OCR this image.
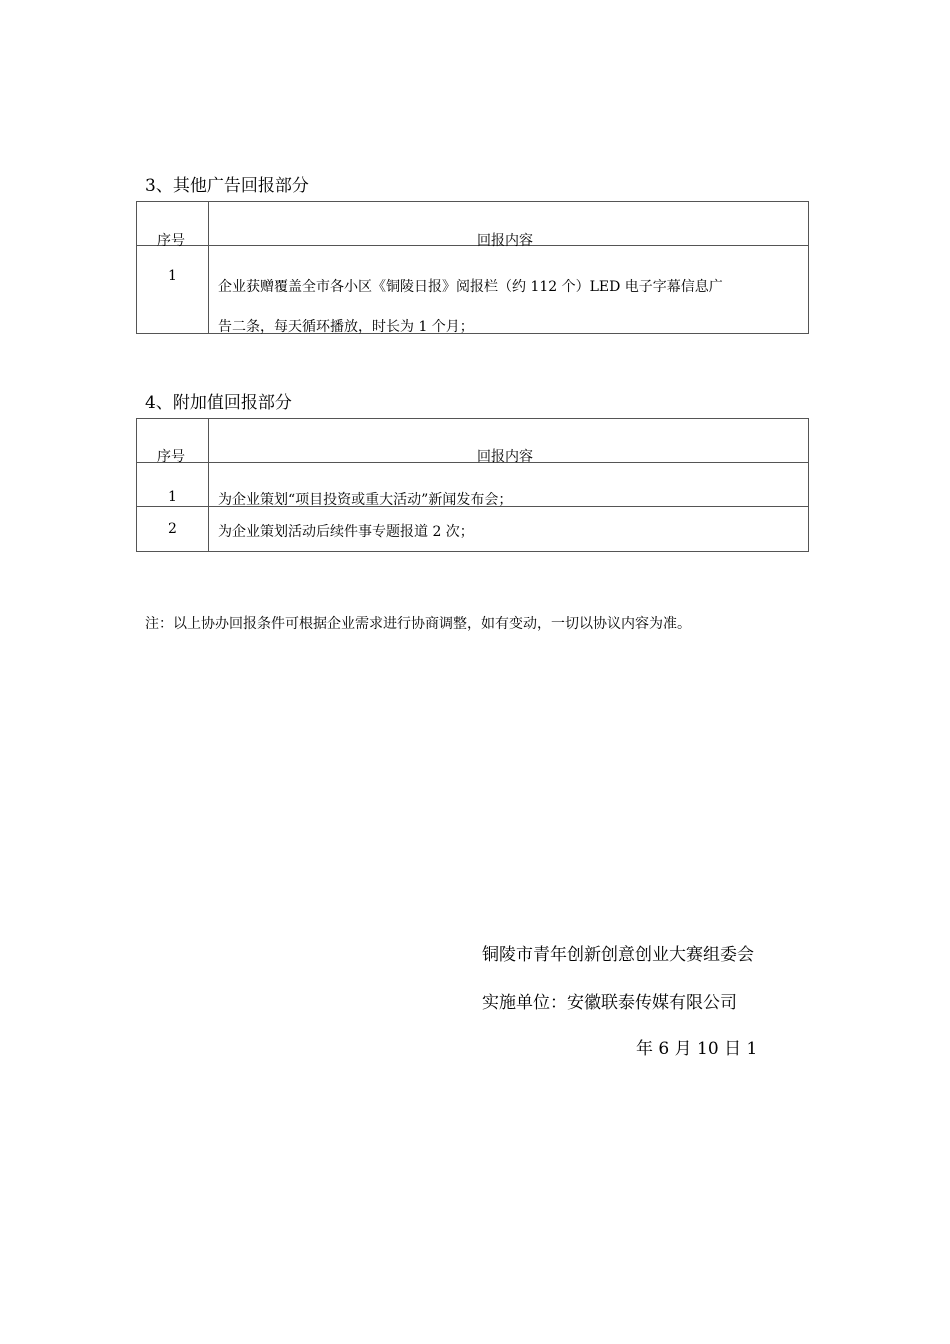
3、其他广告回报部分
序号	回报内容

1	企业获赠覆盖全市各小区《铜陵日报》阅报栏（约 112 个）LED 电子字幕信息广
告二条，每天循环播放，时长为 1 个月；
4、附加值回报部分
序号	回报内容

1	为企业策划“项目投资或重大活动”新闻发布会；

2	为企业策划活动后续件事专题报道 2 次；
注：以上协办回报条件可根据企业需求进行协商调整，如有变动，一切以协议内容为准。
铜陵市青年创新创意创业大赛组委会
实施单位：安徽联泰传媒有限公司
年 6 月 10 日 1
